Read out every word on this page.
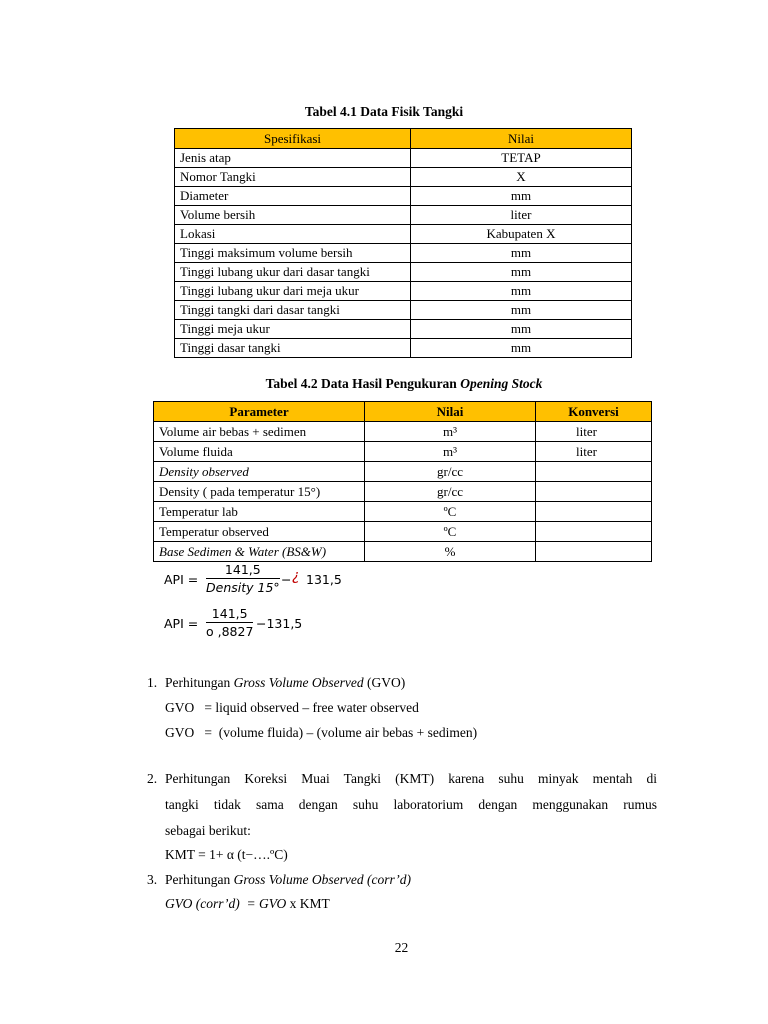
Tabel 4.1 Data Fisik Tangki
Spesifikasi	Nilai
Jenis atap	TETAP
Nomor Tangki	X
Diameter	mm
Volume bersih	liter
Lokasi	Kabupaten X
Tinggi maksimum volume bersih	mm
Tinggi lubang ukur dari dasar tangki	mm
Tinggi lubang ukur dari meja ukur	mm
Tinggi tangki dari dasar tangki	mm
Tinggi meja ukur	mm
Tinggi dasar tangki	mm
Tabel 4.2 Data Hasil Pengukuran Opening Stock
Parameter	Nilai	Konversi
Volume air bebas + sedimen	m³	liter
Volume fluida	m³	liter
Density observed	gr/cc	
Density ( pada temperatur 15°)	gr/cc	
Temperatur lab	ºC	
Temperatur observed	ºC	
Base Sedimen & Water (BS&W)	%	
API =
141,5
Density 15°
− ¿ 131,5
API = $\frac{141,5}{o ,8827} -131,5$
1. Perhitungan Gross Volume Observed (GVO)
GVO   = liquid observed – free water observed
GVO   =  (volume fluida) – (volume air bebas + sedimen)
2. Perhitungan Koreksi Muai Tangki (KMT) karena suhu minyak mentah di
tangki tidak sama dengan suhu laboratorium dengan menggunakan rumus
sebagai berikut:
KMT = 1+ α (t−….ºC)
3. Perhitungan Gross Volume Observed (corr’d)
GVO (corr’d)  = GVO x KMT
22
